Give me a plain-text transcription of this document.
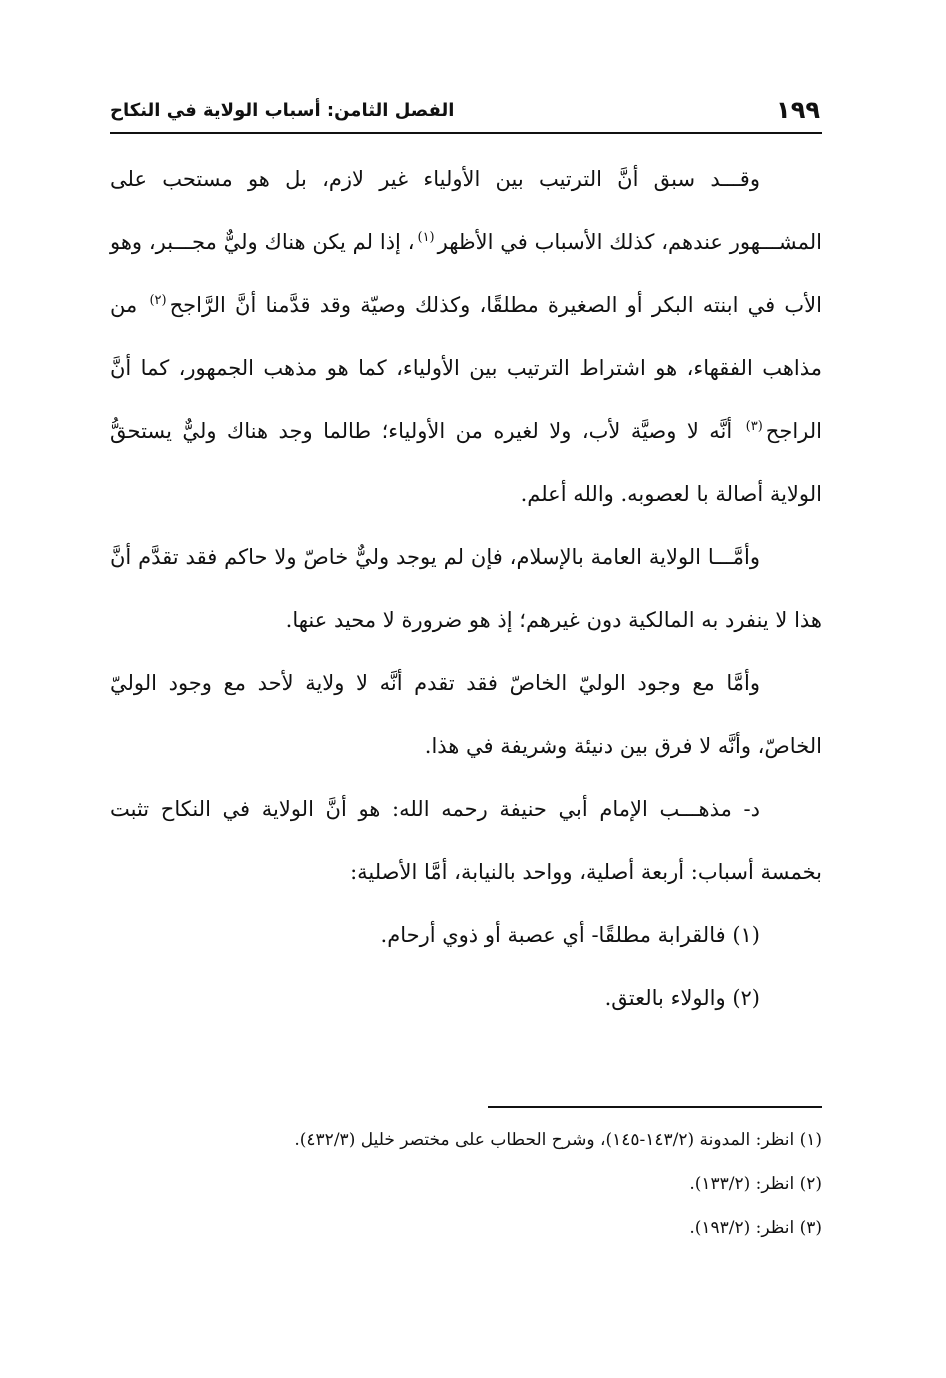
١٩٩
الفصل الثامن: أسباب الولاية في النكاح

وقـــد سبق أنَّ الترتيب بين الأولياء غير لازم، بل هو مستحب على المشـــهور عندهم، كذلك الأسباب في الأظهر$^{(١)}$، إذا لم يكن هناك وليٌّ مجـــبر، وهو الأب في ابنته البكر أو الصغيرة مطلقًا، وكذلك وصيّة وقد قدَّمنا أنَّ الرَّاجح$^{(٢)}$ من مذاهب الفقهاء، هو اشتراط الترتيب بين الأولياء، كما هو مذهب الجمهور، كما أنَّ الراجح$^{(٣)}$ أنَّه لا وصيَّة لأب، ولا لغيره من الأولياء؛ طالما وجد هناك وليٌّ يستحقُّ الولاية أصالة با لعصوبه. والله أعلم.

وأمَّـــا الولاية العامة بالإسلام، فإن لم يوجد وليٌّ خاصّ ولا حاكم فقد تقدَّم أنَّ هذا لا ينفرد به المالكية دون غيرهم؛ إذ هو ضرورة لا محيد عنها.

وأمَّا مع وجود الوليّ الخاصّ فقد تقدم أنَّه لا ولاية لأحد مع وجود الوليّ الخاصّ، وأنَّه لا فرق بين دنيئة وشريفة في هذا.

د- مذهـــب الإمام أبي حنيفة رحمه الله: هو أنَّ الولاية في النكاح تثبت بخمسة أسباب: أربعة أصلية، وواحد بالنيابة، أمَّا الأصلية:

(١) فالقرابة مطلقًا- أي عصبة أو ذوي أرحام.

(٢) والولاء بالعتق.

(١) انظر: المدونة (١٤٣/٢-١٤٥)، وشرح الحطاب على مختصر خليل (٤٣٢/٣).

(٢) انظر: (١٣٣/٢).

(٣) انظر: (١٩٣/٢).
